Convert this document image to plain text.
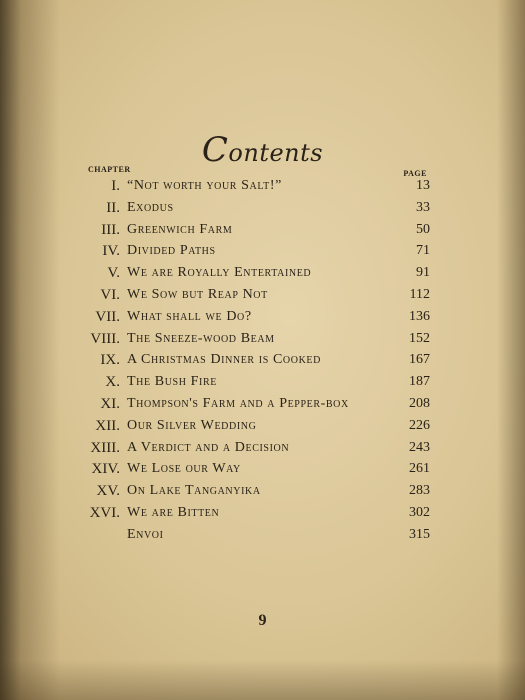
Contents
CHAPTER	PAGE
I. “Not worth your Salt!”	13
II. Exodus	33
III. Greenwich Farm	50
IV. Divided Paths	71
V. We are Royally Entertained	91
VI. We Sow but Reap Not	112
VII. What shall we Do?	136
VIII. The Sneeze-wood Beam	152
IX. A Christmas Dinner is Cooked	167
X. The Bush Fire	187
XI. Thompson's Farm and a Pepper-box	208
XII. Our Silver Wedding	226
XIII. A Verdict and a Decision	243
XIV. We Lose our Way	261
XV. On Lake Tanganyika	283
XVI. We are Bitten	302
Envoi	315
9
